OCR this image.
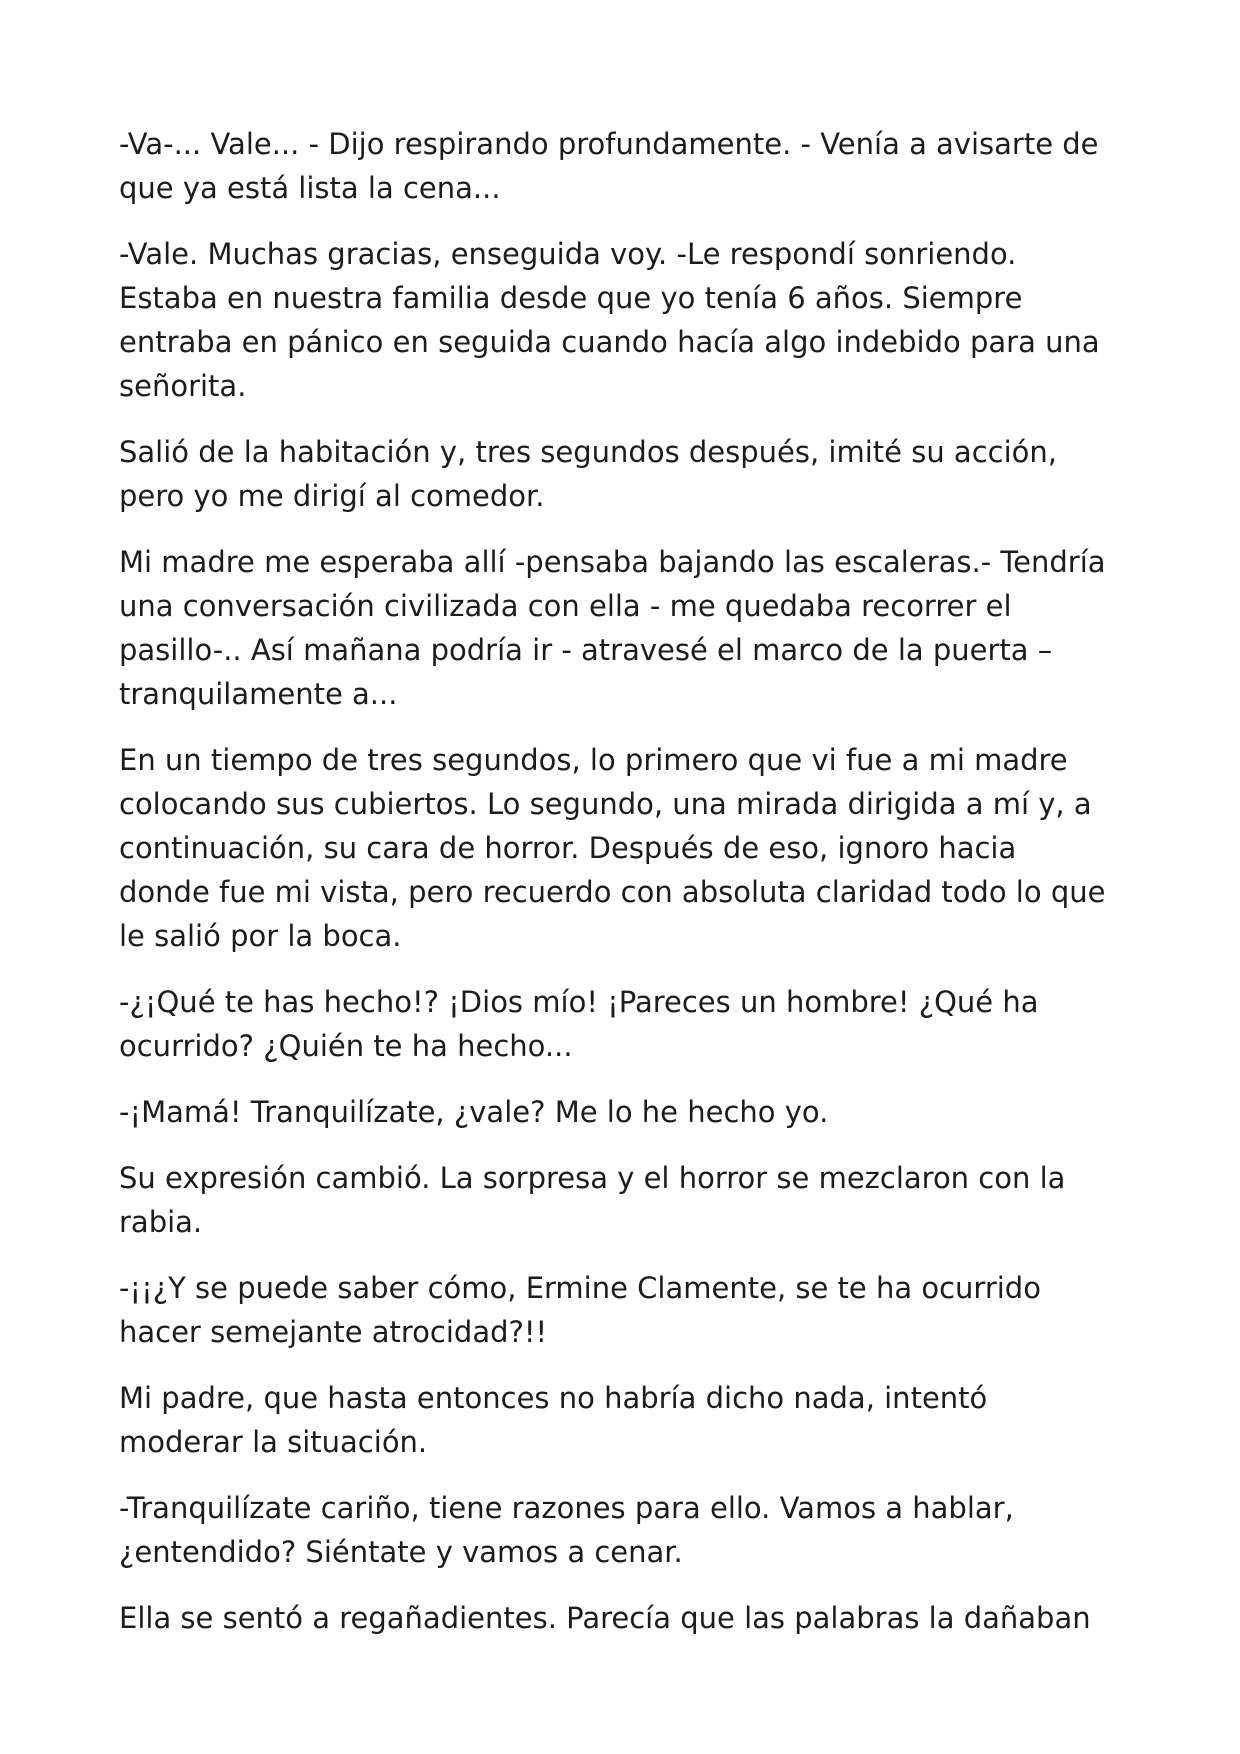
-Va-... Vale... - Dijo respirando profundamente. - Venía a avisarte de
que ya está lista la cena...

-Vale. Muchas gracias, enseguida voy. -Le respondí sonriendo.
Estaba en nuestra familia desde que yo tenía 6 años. Siempre
entraba en pánico en seguida cuando hacía algo indebido para una
señorita.

Salió de la habitación y, tres segundos después, imité su acción,
pero yo me dirigí al comedor.

Mi madre me esperaba allí -pensaba bajando las escaleras.- Tendría
una conversación civilizada con ella - me quedaba recorrer el
pasillo-.. Así mañana podría ir - atravesé el marco de la puerta –
tranquilamente a...

En un tiempo de tres segundos, lo primero que vi fue a mi madre
colocando sus cubiertos. Lo segundo, una mirada dirigida a mí y, a
continuación, su cara de horror. Después de eso, ignoro hacia
donde fue mi vista, pero recuerdo con absoluta claridad todo lo que
le salió por la boca.

-¿¡Qué te has hecho!? ¡Dios mío! ¡Pareces un hombre! ¿Qué ha
ocurrido? ¿Quién te ha hecho...

-¡Mamá! Tranquilízate, ¿vale? Me lo he hecho yo.

Su expresión cambió. La sorpresa y el horror se mezclaron con la
rabia.

-¡¡¿Y se puede saber cómo, Ermine Clamente, se te ha ocurrido
hacer semejante atrocidad?!!

Mi padre, que hasta entonces no habría dicho nada, intentó
moderar la situación.

-Tranquilízate cariño, tiene razones para ello. Vamos a hablar,
¿entendido? Siéntate y vamos a cenar.

Ella se sentó a regañadientes. Parecía que las palabras la dañaban
